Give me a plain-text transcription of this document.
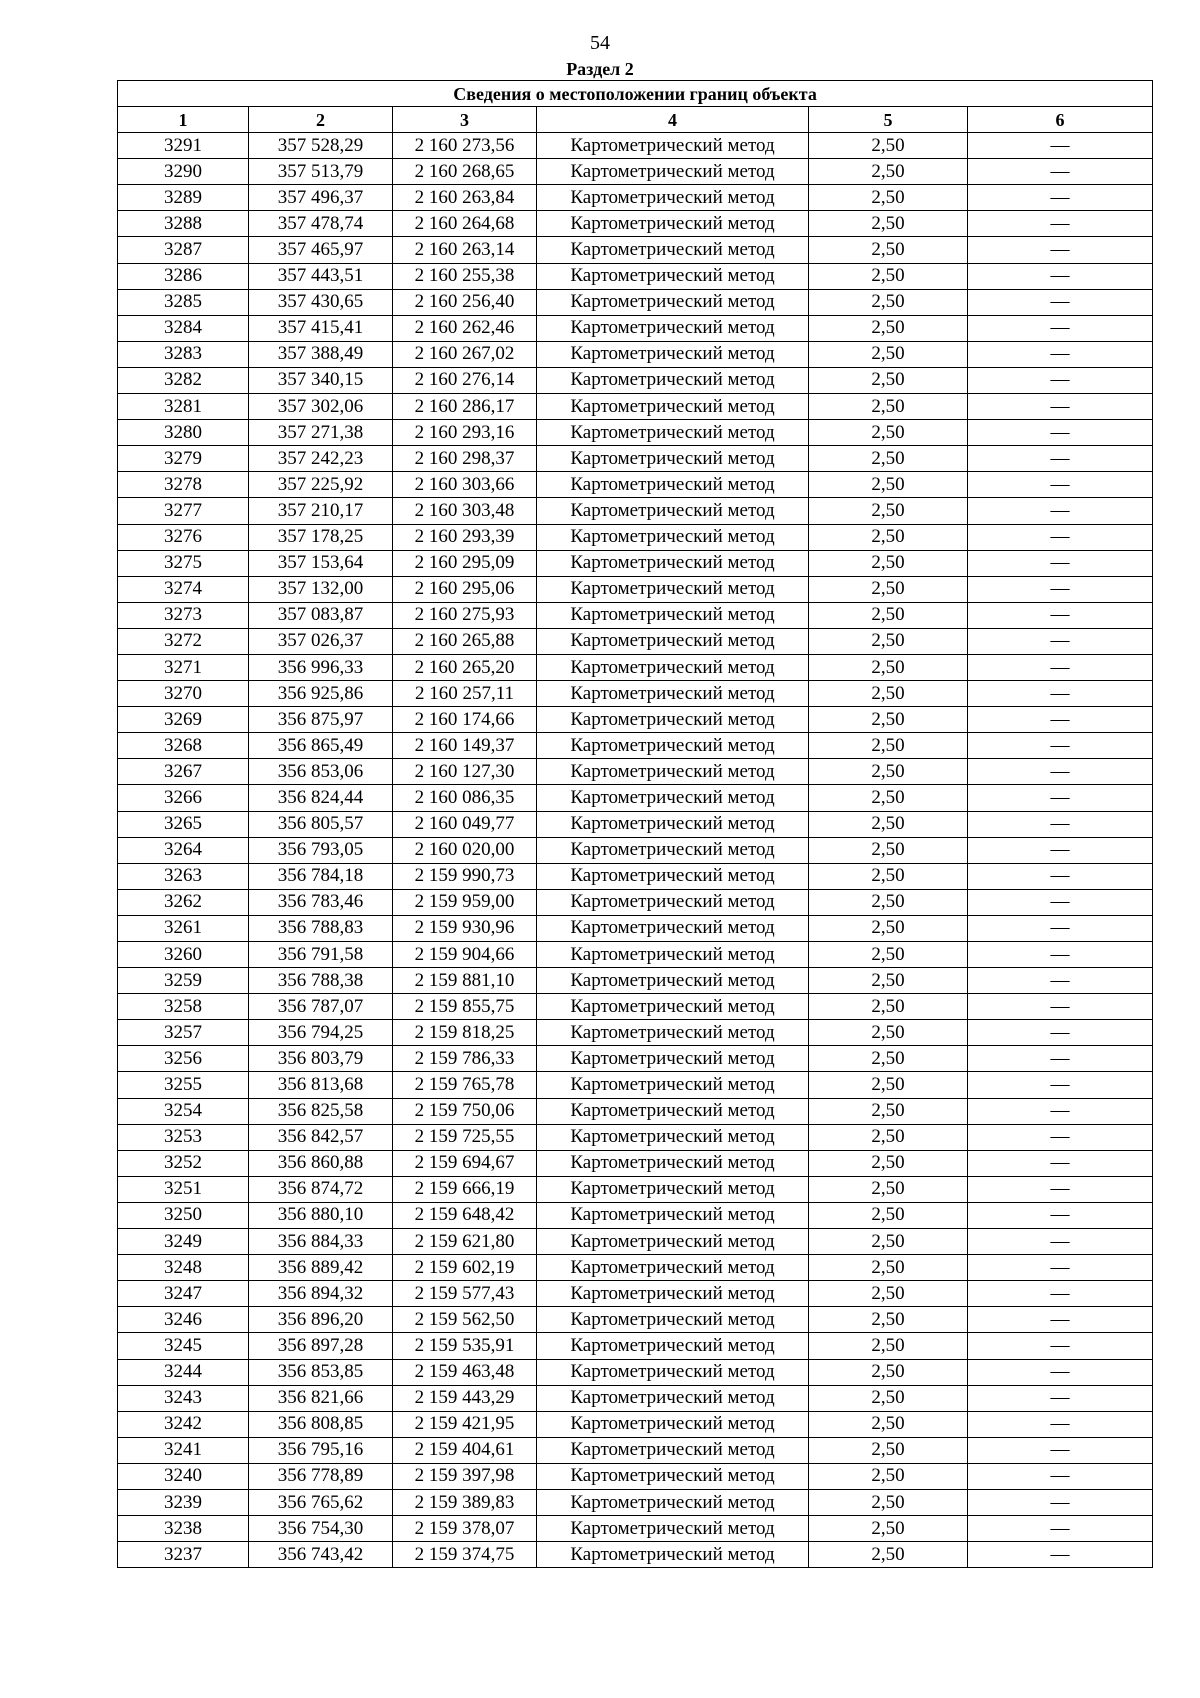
54
Раздел 2
Сведения о местоположении границ объекта					
1	2	3	4	5	6
3291	357 528,29	2 160 273,56	Картометрический метод	2,50	—
3290	357 513,79	2 160 268,65	Картометрический метод	2,50	—
3289	357 496,37	2 160 263,84	Картометрический метод	2,50	—
3288	357 478,74	2 160 264,68	Картометрический метод	2,50	—
3287	357 465,97	2 160 263,14	Картометрический метод	2,50	—
3286	357 443,51	2 160 255,38	Картометрический метод	2,50	—
3285	357 430,65	2 160 256,40	Картометрический метод	2,50	—
3284	357 415,41	2 160 262,46	Картометрический метод	2,50	—
3283	357 388,49	2 160 267,02	Картометрический метод	2,50	—
3282	357 340,15	2 160 276,14	Картометрический метод	2,50	—
3281	357 302,06	2 160 286,17	Картометрический метод	2,50	—
3280	357 271,38	2 160 293,16	Картометрический метод	2,50	—
3279	357 242,23	2 160 298,37	Картометрический метод	2,50	—
3278	357 225,92	2 160 303,66	Картометрический метод	2,50	—
3277	357 210,17	2 160 303,48	Картометрический метод	2,50	—
3276	357 178,25	2 160 293,39	Картометрический метод	2,50	—
3275	357 153,64	2 160 295,09	Картометрический метод	2,50	—
3274	357 132,00	2 160 295,06	Картометрический метод	2,50	—
3273	357 083,87	2 160 275,93	Картометрический метод	2,50	—
3272	357 026,37	2 160 265,88	Картометрический метод	2,50	—
3271	356 996,33	2 160 265,20	Картометрический метод	2,50	—
3270	356 925,86	2 160 257,11	Картометрический метод	2,50	—
3269	356 875,97	2 160 174,66	Картометрический метод	2,50	—
3268	356 865,49	2 160 149,37	Картометрический метод	2,50	—
3267	356 853,06	2 160 127,30	Картометрический метод	2,50	—
3266	356 824,44	2 160 086,35	Картометрический метод	2,50	—
3265	356 805,57	2 160 049,77	Картометрический метод	2,50	—
3264	356 793,05	2 160 020,00	Картометрический метод	2,50	—
3263	356 784,18	2 159 990,73	Картометрический метод	2,50	—
3262	356 783,46	2 159 959,00	Картометрический метод	2,50	—
3261	356 788,83	2 159 930,96	Картометрический метод	2,50	—
3260	356 791,58	2 159 904,66	Картометрический метод	2,50	—
3259	356 788,38	2 159 881,10	Картометрический метод	2,50	—
3258	356 787,07	2 159 855,75	Картометрический метод	2,50	—
3257	356 794,25	2 159 818,25	Картометрический метод	2,50	—
3256	356 803,79	2 159 786,33	Картометрический метод	2,50	—
3255	356 813,68	2 159 765,78	Картометрический метод	2,50	—
3254	356 825,58	2 159 750,06	Картометрический метод	2,50	—
3253	356 842,57	2 159 725,55	Картометрический метод	2,50	—
3252	356 860,88	2 159 694,67	Картометрический метод	2,50	—
3251	356 874,72	2 159 666,19	Картометрический метод	2,50	—
3250	356 880,10	2 159 648,42	Картометрический метод	2,50	—
3249	356 884,33	2 159 621,80	Картометрический метод	2,50	—
3248	356 889,42	2 159 602,19	Картометрический метод	2,50	—
3247	356 894,32	2 159 577,43	Картометрический метод	2,50	—
3246	356 896,20	2 159 562,50	Картометрический метод	2,50	—
3245	356 897,28	2 159 535,91	Картометрический метод	2,50	—
3244	356 853,85	2 159 463,48	Картометрический метод	2,50	—
3243	356 821,66	2 159 443,29	Картометрический метод	2,50	—
3242	356 808,85	2 159 421,95	Картометрический метод	2,50	—
3241	356 795,16	2 159 404,61	Картометрический метод	2,50	—
3240	356 778,89	2 159 397,98	Картометрический метод	2,50	—
3239	356 765,62	2 159 389,83	Картометрический метод	2,50	—
3238	356 754,30	2 159 378,07	Картометрический метод	2,50	—
3237	356 743,42	2 159 374,75	Картометрический метод	2,50	—
